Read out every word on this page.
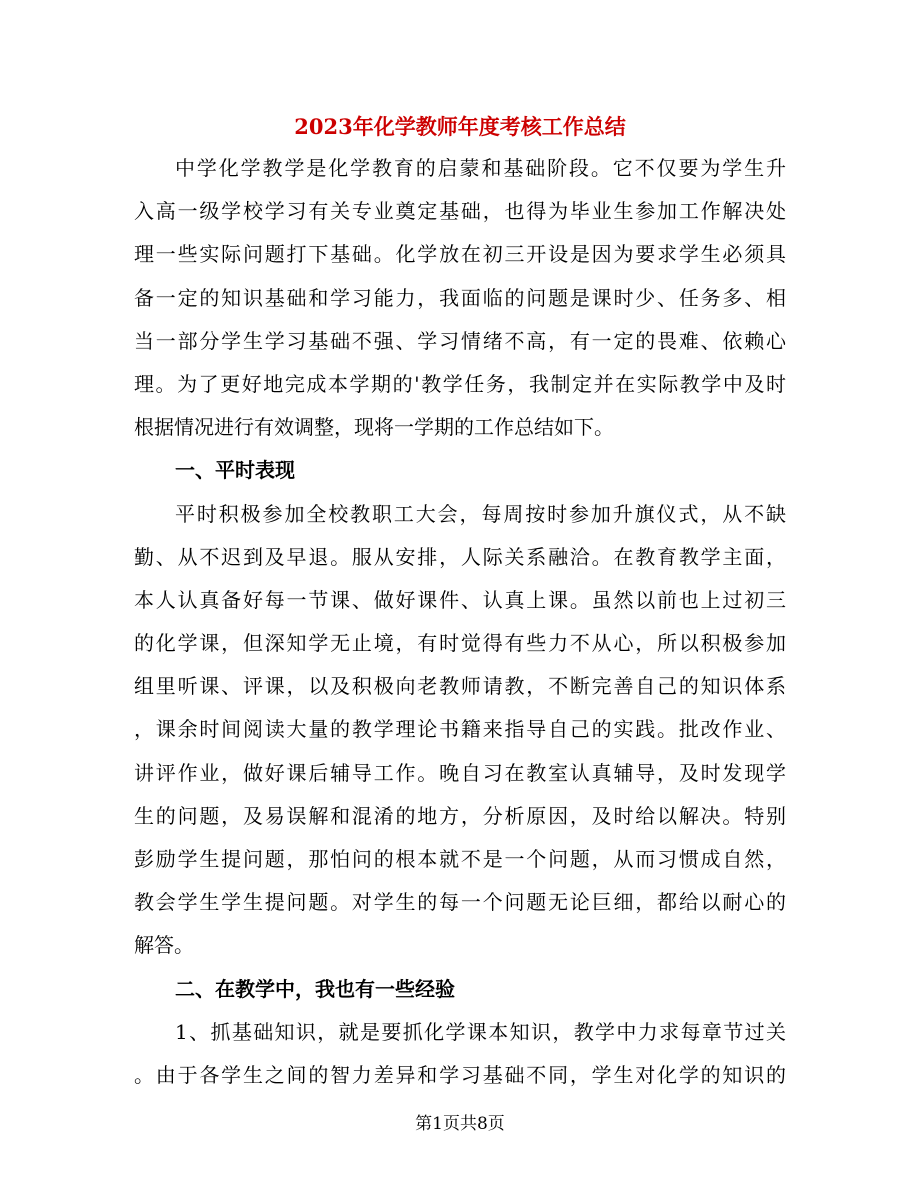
2023年化学教师年度考核工作总结
中学化学教学是化学教育的启蒙和基础阶段。它不仅要为学生升
入高一级学校学习有关专业奠定基础，也得为毕业生参加工作解决处
理一些实际问题打下基础。化学放在初三开设是因为要求学生必须具
备一定的知识基础和学习能力，我面临的问题是课时少、任务多、相
当一部分学生学习基础不强、学习情绪不高，有一定的畏难、依赖心
理。为了更好地完成本学期的'教学任务，我制定并在实际教学中及时
根据情况进行有效调整，现将一学期的工作总结如下。
一、平时表现
平时积极参加全校教职工大会，每周按时参加升旗仪式，从不缺
勤、从不迟到及早退。服从安排，人际关系融洽。在教育教学主面，
本人认真备好每一节课、做好课件、认真上课。虽然以前也上过初三
的化学课，但深知学无止境，有时觉得有些力不从心，所以积极参加
组里听课、评课，以及积极向老教师请教，不断完善自己的知识体系
，课余时间阅读大量的教学理论书籍来指导自己的实践。批改作业、
讲评作业，做好课后辅导工作。晚自习在教室认真辅导，及时发现学
生的问题，及易误解和混淆的地方，分析原因，及时给以解决。特别
彭励学生提问题，那怕问的根本就不是一个问题，从而习惯成自然，
教会学生学生提问题。对学生的每一个问题无论巨细，都给以耐心的
解答。
二、在教学中，我也有一些经验
1、抓基础知识，就是要抓化学课本知识，教学中力求每章节过关
。由于各学生之间的智力差异和学习基础不同，学生对化学的知识的
第1页共8页
